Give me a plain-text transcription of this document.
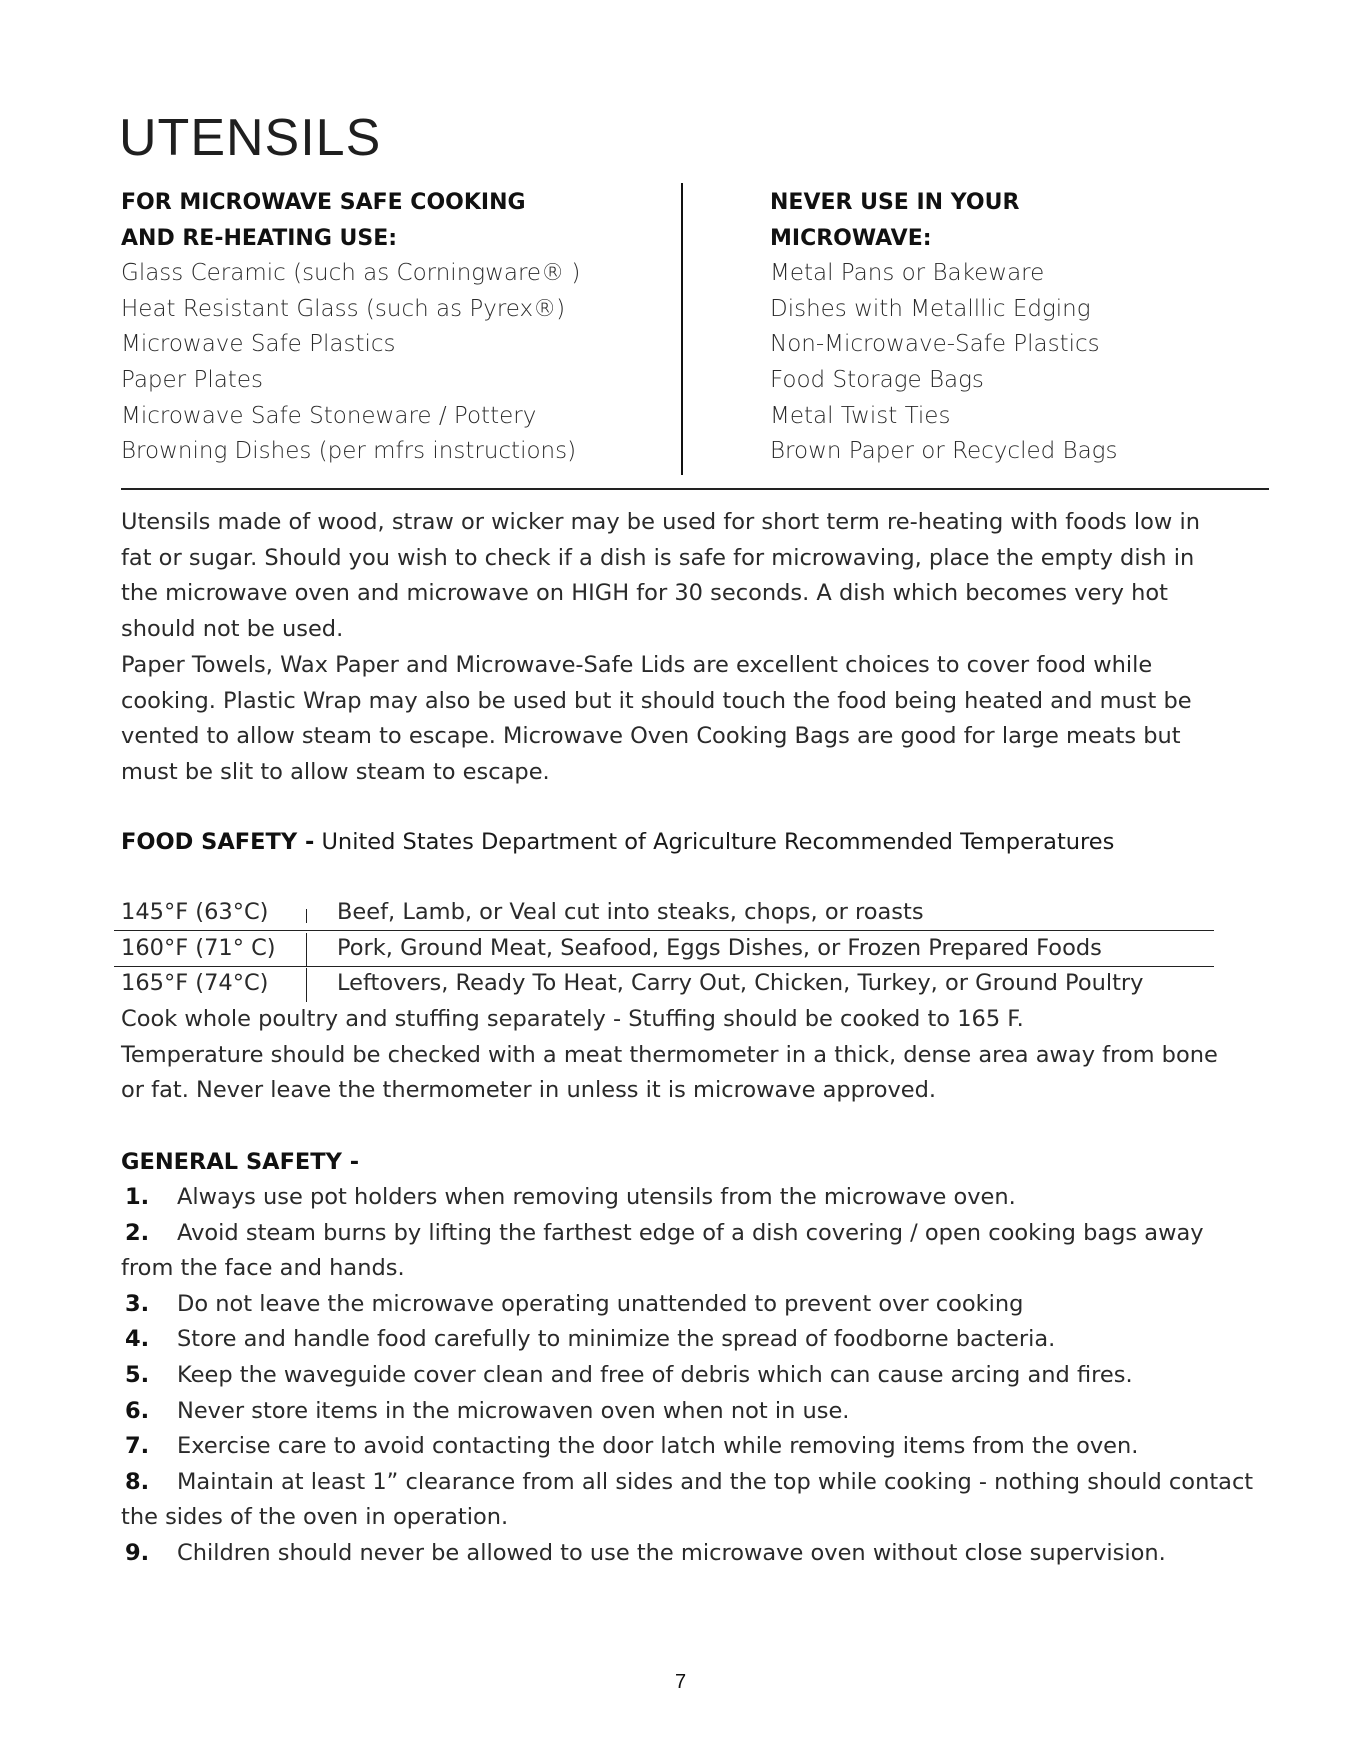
UTENSILS
FOR MICROWAVE SAFE COOKING
AND RE-HEATING USE:
Glass Ceramic (such as Corningware® )
Heat Resistant Glass (such as Pyrex®)
Microwave Safe Plastics
Paper Plates
Microwave Safe Stoneware / Pottery
Browning Dishes (per mfrs instructions)
NEVER USE IN YOUR
MICROWAVE:
Metal Pans or Bakeware
Dishes with Metalllic Edging
Non-Microwave-Safe Plastics
Food Storage Bags
Metal Twist Ties
Brown Paper or Recycled Bags

Utensils made of wood, straw or wicker may be used for short term re-heating with foods low in
fat or sugar. Should you wish to check if a dish is safe for microwaving, place the empty dish in
the microwave oven and microwave on HIGH for 30 seconds. A dish which becomes very hot
should not be used.

Paper Towels, Wax Paper and Microwave-Safe Lids are excellent choices to cover food while
cooking. Plastic Wrap may also be used but it should touch the food being heated and must be
vented to allow steam to escape. Microwave Oven Cooking Bags are good for large meats but
must be slit to allow steam to escape.

FOOD SAFETY - United States Department of Agriculture Recommended Temperatures
145°F (63°C)	Beef, Lamb, or Veal cut into steaks, chops, or roasts
160°F (71° C)	Pork, Ground Meat, Seafood, Eggs Dishes, or Frozen Prepared Foods
165°F (74°C)	Leftovers, Ready To Heat, Carry Out, Chicken, Turkey, or Ground Poultry

Cook whole poultry and stuffing separately - Stuffing should be cooked to 165 F.
Temperature should be checked with a meat thermometer in a thick, dense area away from bone
or fat. Never leave the thermometer in unless it is microwave approved.

GENERAL SAFETY -
1. Always use pot holders when removing utensils from the microwave oven.
2. Avoid steam burns by lifting the farthest edge of a dish covering / open cooking bags away
from the face and hands.
3. Do not leave the microwave operating unattended to prevent over cooking
4. Store and handle food carefully to minimize the spread of foodborne bacteria.
5. Keep the waveguide cover clean and free of debris which can cause arcing and fires.
6. Never store items in the microwaven oven when not in use.
7. Exercise care to avoid contacting the door latch while removing items from the oven.
8. Maintain at least 1” clearance from all sides and the top while cooking - nothing should contact
the sides of the oven in operation.
9. Children should never be allowed to use the microwave oven without close supervision.
7
